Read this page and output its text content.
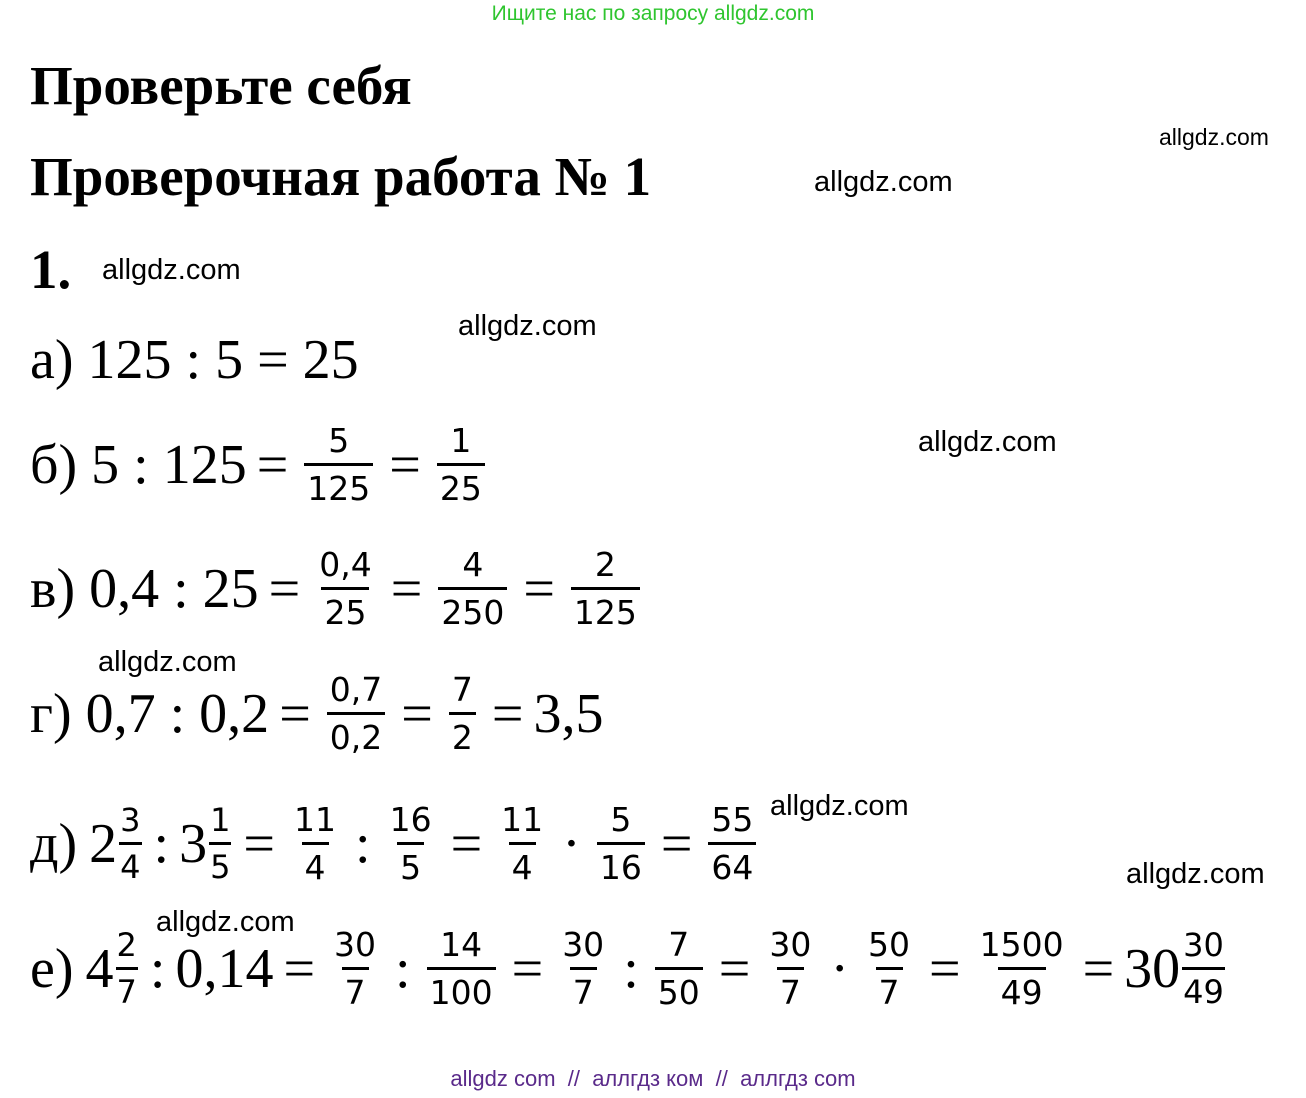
Ищите нас по запросу allgdz.com
Проверьте себя
Проверочная работа № 1
1.
allgdz.com
allgdz.com
allgdz.com
allgdz.com
allgdz.com
allgdz.com
allgdz.com
allgdz.com
allgdz.com
а) 125 : 5 = 25
б) 5 : $125 = \frac{5}{125} = \frac{1}{25}$
в) 0,4 : $25 = \frac{0,4}{25} = \frac{4}{250} = \frac{2}{125}$
г) 0,7 : $0,2 = \frac{0,7}{0,2} = \frac{7}{2} = 3,5$
д) $2 \frac{3}{4}$ : $3 \frac{1}{5} = \frac{11}{4}$ : $\frac{16}{5} = \frac{11}{4} \cdot \frac{5}{16} = \frac{55}{64}$
е) $4 \frac{2}{7}$ : $0,14 = \frac{30}{7}$ : $\frac{14}{100} = \frac{30}{7}$ : $\frac{7}{50} = \frac{30}{7} \cdot \frac{50}{7} = \frac{1500}{49} = 30 \frac{30}{49}$
allgdz com  //  аллгдз ком  //  аллгдз com
